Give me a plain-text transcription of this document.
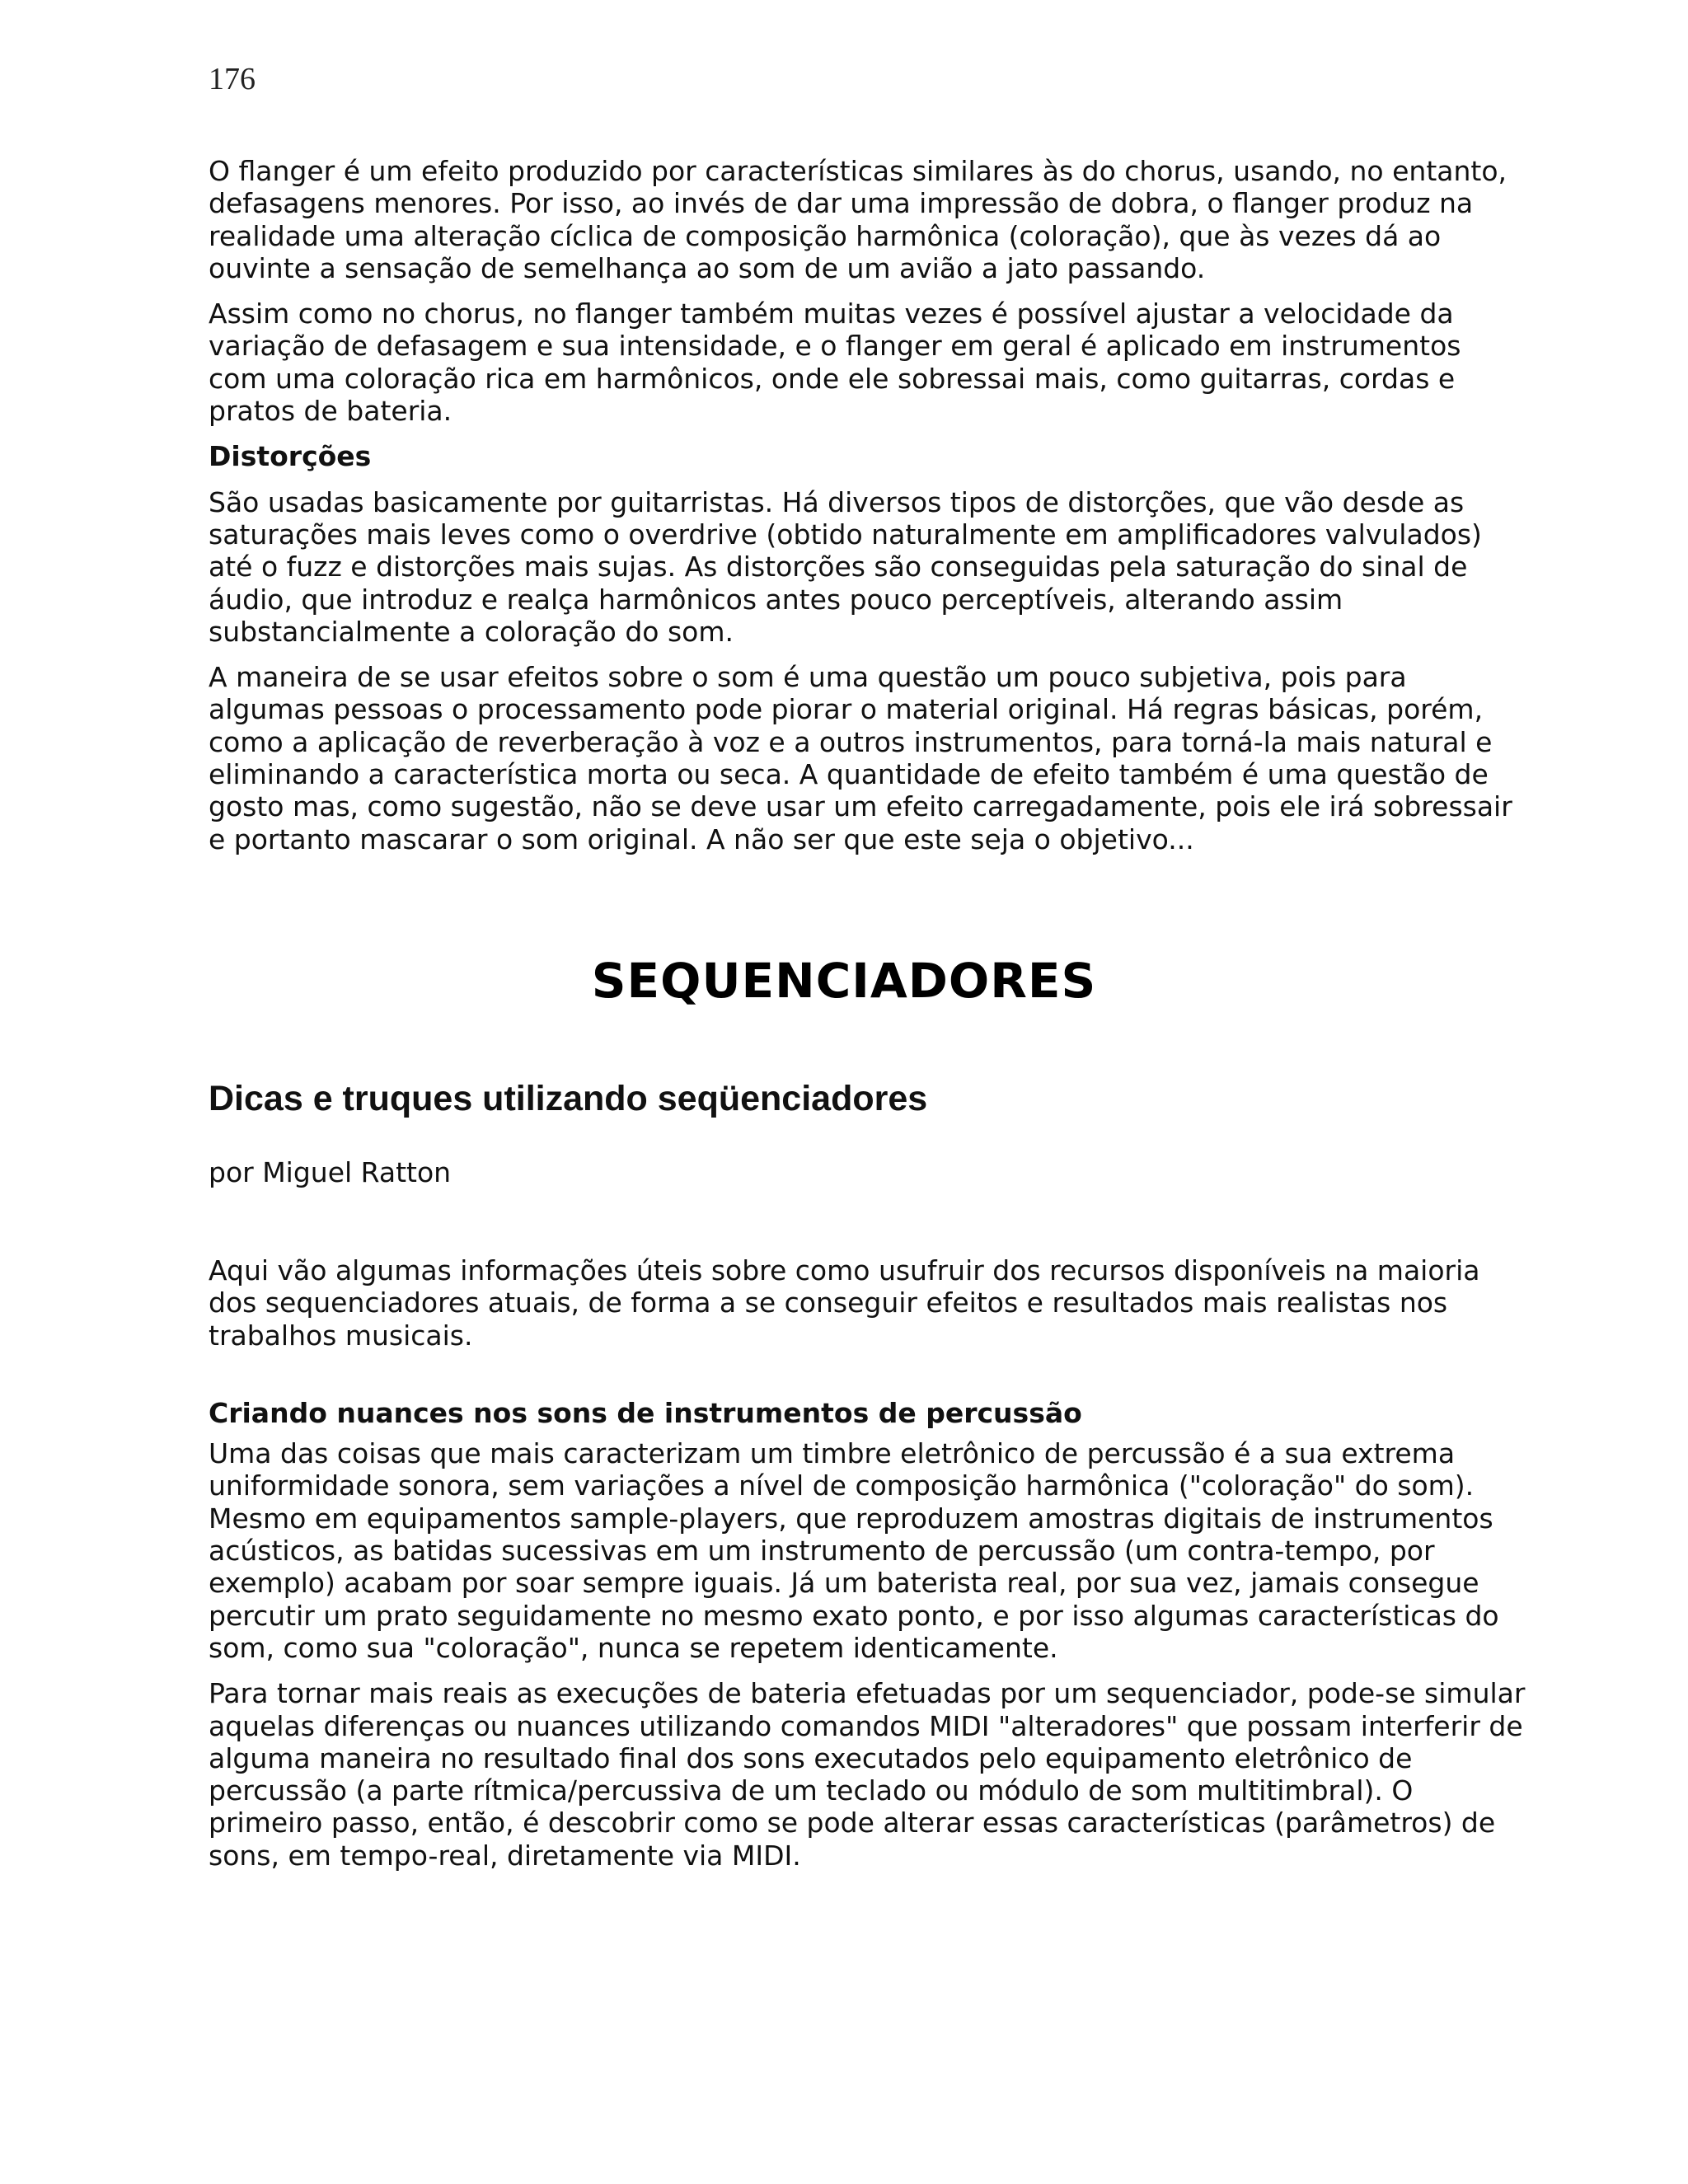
176

O flanger é um efeito produzido por características similares às do chorus, usando, no entanto, defasagens menores. Por isso, ao invés de dar uma impressão de dobra, o flanger produz na realidade uma alteração cíclica de composição harmônica (coloração), que às vezes dá ao ouvinte a sensação de semelhança ao som de um avião a jato passando.

Assim como no chorus, no flanger também muitas vezes é possível ajustar a velocidade da variação de defasagem e sua intensidade, e o flanger em geral é aplicado em instrumentos com uma coloração rica em harmônicos, onde ele sobressai mais, como guitarras, cordas e pratos de bateria.

Distorções

São usadas basicamente por guitarristas. Há diversos tipos de distorções, que vão desde as saturações mais leves como o overdrive (obtido naturalmente em amplificadores valvulados) até o fuzz e distorções mais sujas. As distorções são conseguidas pela saturação do sinal de áudio, que introduz e realça harmônicos antes pouco perceptíveis, alterando assim substancialmente a coloração do som.

A maneira de se usar efeitos sobre o som é uma questão um pouco subjetiva, pois para algumas pessoas o processamento pode piorar o material original. Há regras básicas, porém, como a aplicação de reverberação à voz e a outros instrumentos, para torná-la mais natural e eliminando a característica morta ou seca. A quantidade de efeito também é uma questão de gosto mas, como sugestão, não se deve usar um efeito carregadamente, pois ele irá sobressair e portanto mascarar o som original. A não ser que este seja o objetivo...

SEQUENCIADORES
Dicas e truques utilizando seqüenciadores

por Miguel Ratton

Aqui vão algumas informações úteis sobre como usufruir dos recursos disponíveis na maioria dos sequenciadores atuais, de forma a se conseguir efeitos e resultados mais realistas nos trabalhos musicais.

Criando nuances nos sons de instrumentos de percussão

Uma das coisas que mais caracterizam um timbre eletrônico de percussão é a sua extrema uniformidade sonora, sem variações a nível de composição harmônica ("coloração" do som). Mesmo em equipamentos sample-players, que reproduzem amostras digitais de instrumentos acústicos, as batidas sucessivas em um instrumento de percussão (um contra-tempo, por exemplo) acabam por soar sempre iguais. Já um baterista real, por sua vez, jamais consegue percutir um prato seguidamente no mesmo exato ponto, e por isso algumas características do som, como sua "coloração", nunca se repetem identicamente.

Para tornar mais reais as execuções de bateria efetuadas por um sequenciador, pode-se simular aquelas diferenças ou nuances utilizando comandos MIDI "alteradores" que possam interferir de alguma maneira no resultado final dos sons executados pelo equipamento eletrônico de percussão (a parte rítmica/percussiva de um teclado ou módulo de som multitimbral). O primeiro passo, então, é descobrir como se pode alterar essas características (parâmetros) de sons, em tempo-real, diretamente via MIDI.
